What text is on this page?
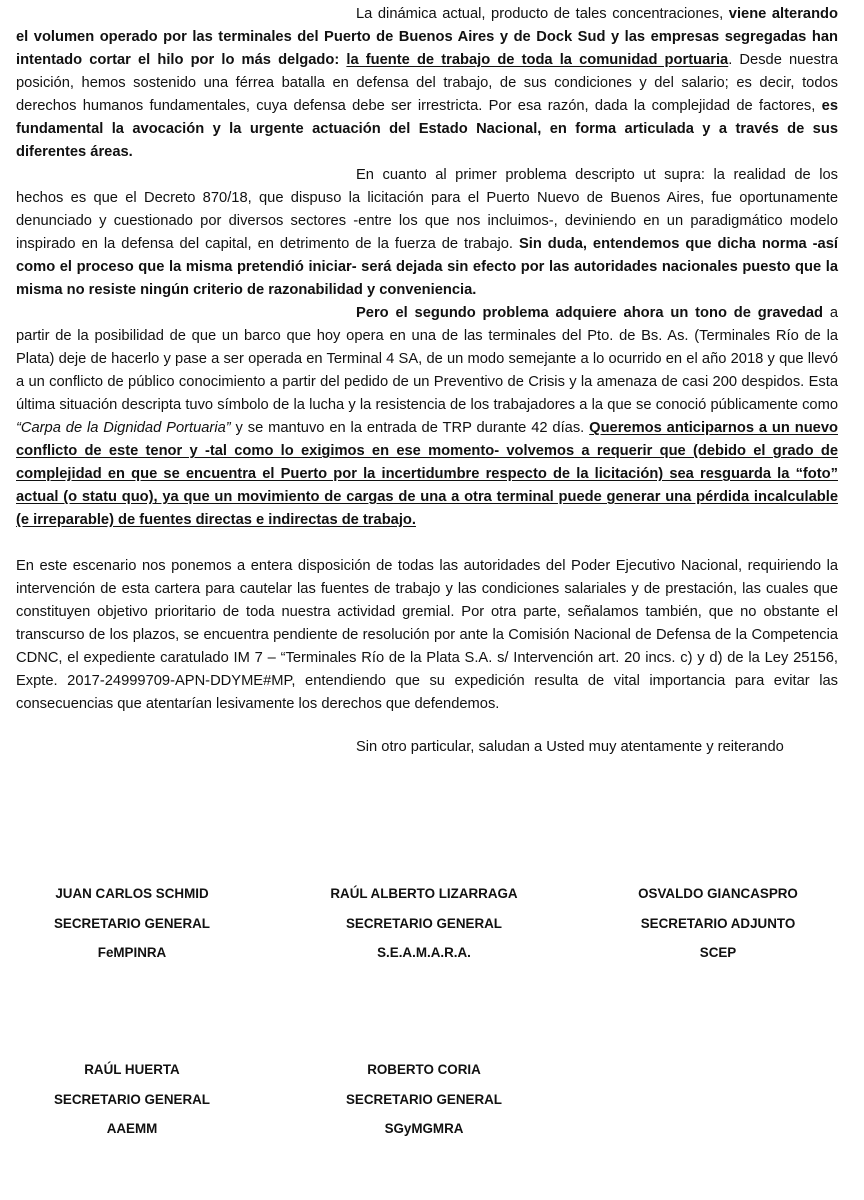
La dinámica actual, producto de tales concentraciones, viene alterando el volumen operado por las terminales del Puerto de Buenos Aires y de Dock Sud y las empresas segregadas han intentado cortar el hilo por lo más delgado: la fuente de trabajo de toda la comunidad portuaria. Desde nuestra posición, hemos sostenido una férrea batalla en defensa del trabajo, de sus condiciones y del salario; es decir, todos derechos humanos fundamentales, cuya defensa debe ser irrestricta. Por esa razón, dada la complejidad de factores, es fundamental la avocación y la urgente actuación del Estado Nacional, en forma articulada y a través de sus diferentes áreas.

En cuanto al primer problema descripto ut supra: la realidad de los hechos es que el Decreto 870/18, que dispuso la licitación para el Puerto Nuevo de Buenos Aires, fue oportunamente denunciado y cuestionado por diversos sectores -entre los que nos incluimos-, deviniendo en un paradigmático modelo inspirado en la defensa del capital, en detrimento de la fuerza de trabajo. Sin duda, entendemos que dicha norma -así como el proceso que la misma pretendió iniciar- será dejada sin efecto por las autoridades nacionales puesto que la misma no resiste ningún criterio de razonabilidad y conveniencia.

Pero el segundo problema adquiere ahora un tono de gravedad a partir de la posibilidad de que un barco que hoy opera en una de las terminales del Pto. de Bs. As. (Terminales Río de la Plata) deje de hacerlo y pase a ser operada en Terminal 4 SA, de un modo semejante a lo ocurrido en el año 2018 y que llevó a un conflicto de público conocimiento a partir del pedido de un Preventivo de Crisis y la amenaza de casi 200 despidos. Esta última situación descripta tuvo símbolo de la lucha y la resistencia de los trabajadores a la que se conoció públicamente como “Carpa de la Dignidad Portuaria” y se mantuvo en la entrada de TRP durante 42 días. Queremos anticiparnos a un nuevo conflicto de este tenor y -tal como lo exigimos en ese momento- volvemos a requerir que (debido el grado de complejidad en que se encuentra el Puerto por la incertidumbre respecto de la licitación) sea resguarda la “foto” actual (o statu quo), ya que un movimiento de cargas de una a otra terminal puede generar una pérdida incalculable (e irreparable) de fuentes directas e indirectas de trabajo.

En este escenario nos ponemos a entera disposición de todas las autoridades del Poder Ejecutivo Nacional, requiriendo la intervención de esta cartera para cautelar las fuentes de trabajo y las condiciones salariales y de prestación, las cuales que constituyen objetivo prioritario de toda nuestra actividad gremial. Por otra parte, señalamos también, que no obstante el transcurso de los plazos, se encuentra pendiente de resolución por ante la Comisión Nacional de Defensa de la Competencia CDNC, el expediente caratulado IM 7 – “Terminales Río de la Plata S.A. s/ Intervención art. 20 incs. c) y d) de la Ley 25156, Expte. 2017-24999709-APN-DDYME#MP, entendiendo que su expedición resulta de vital importancia para evitar las consecuencias que atentarían lesivamente los derechos que defendemos.

Sin otro particular, saludan a Usted muy atentamente y reiterando

JUAN CARLOS SCHMID
SECRETARIO GENERAL
FeMPINRA
RAÚL ALBERTO LIZARRAGA
SECRETARIO GENERAL
S.E.A.M.A.R.A.
OSVALDO GIANCASPRO
SECRETARIO ADJUNTO
SCEP
RAÚL HUERTA
SECRETARIO GENERAL
AAEMM
ROBERTO CORIA
SECRETARIO GENERAL
SGyMGMRA
